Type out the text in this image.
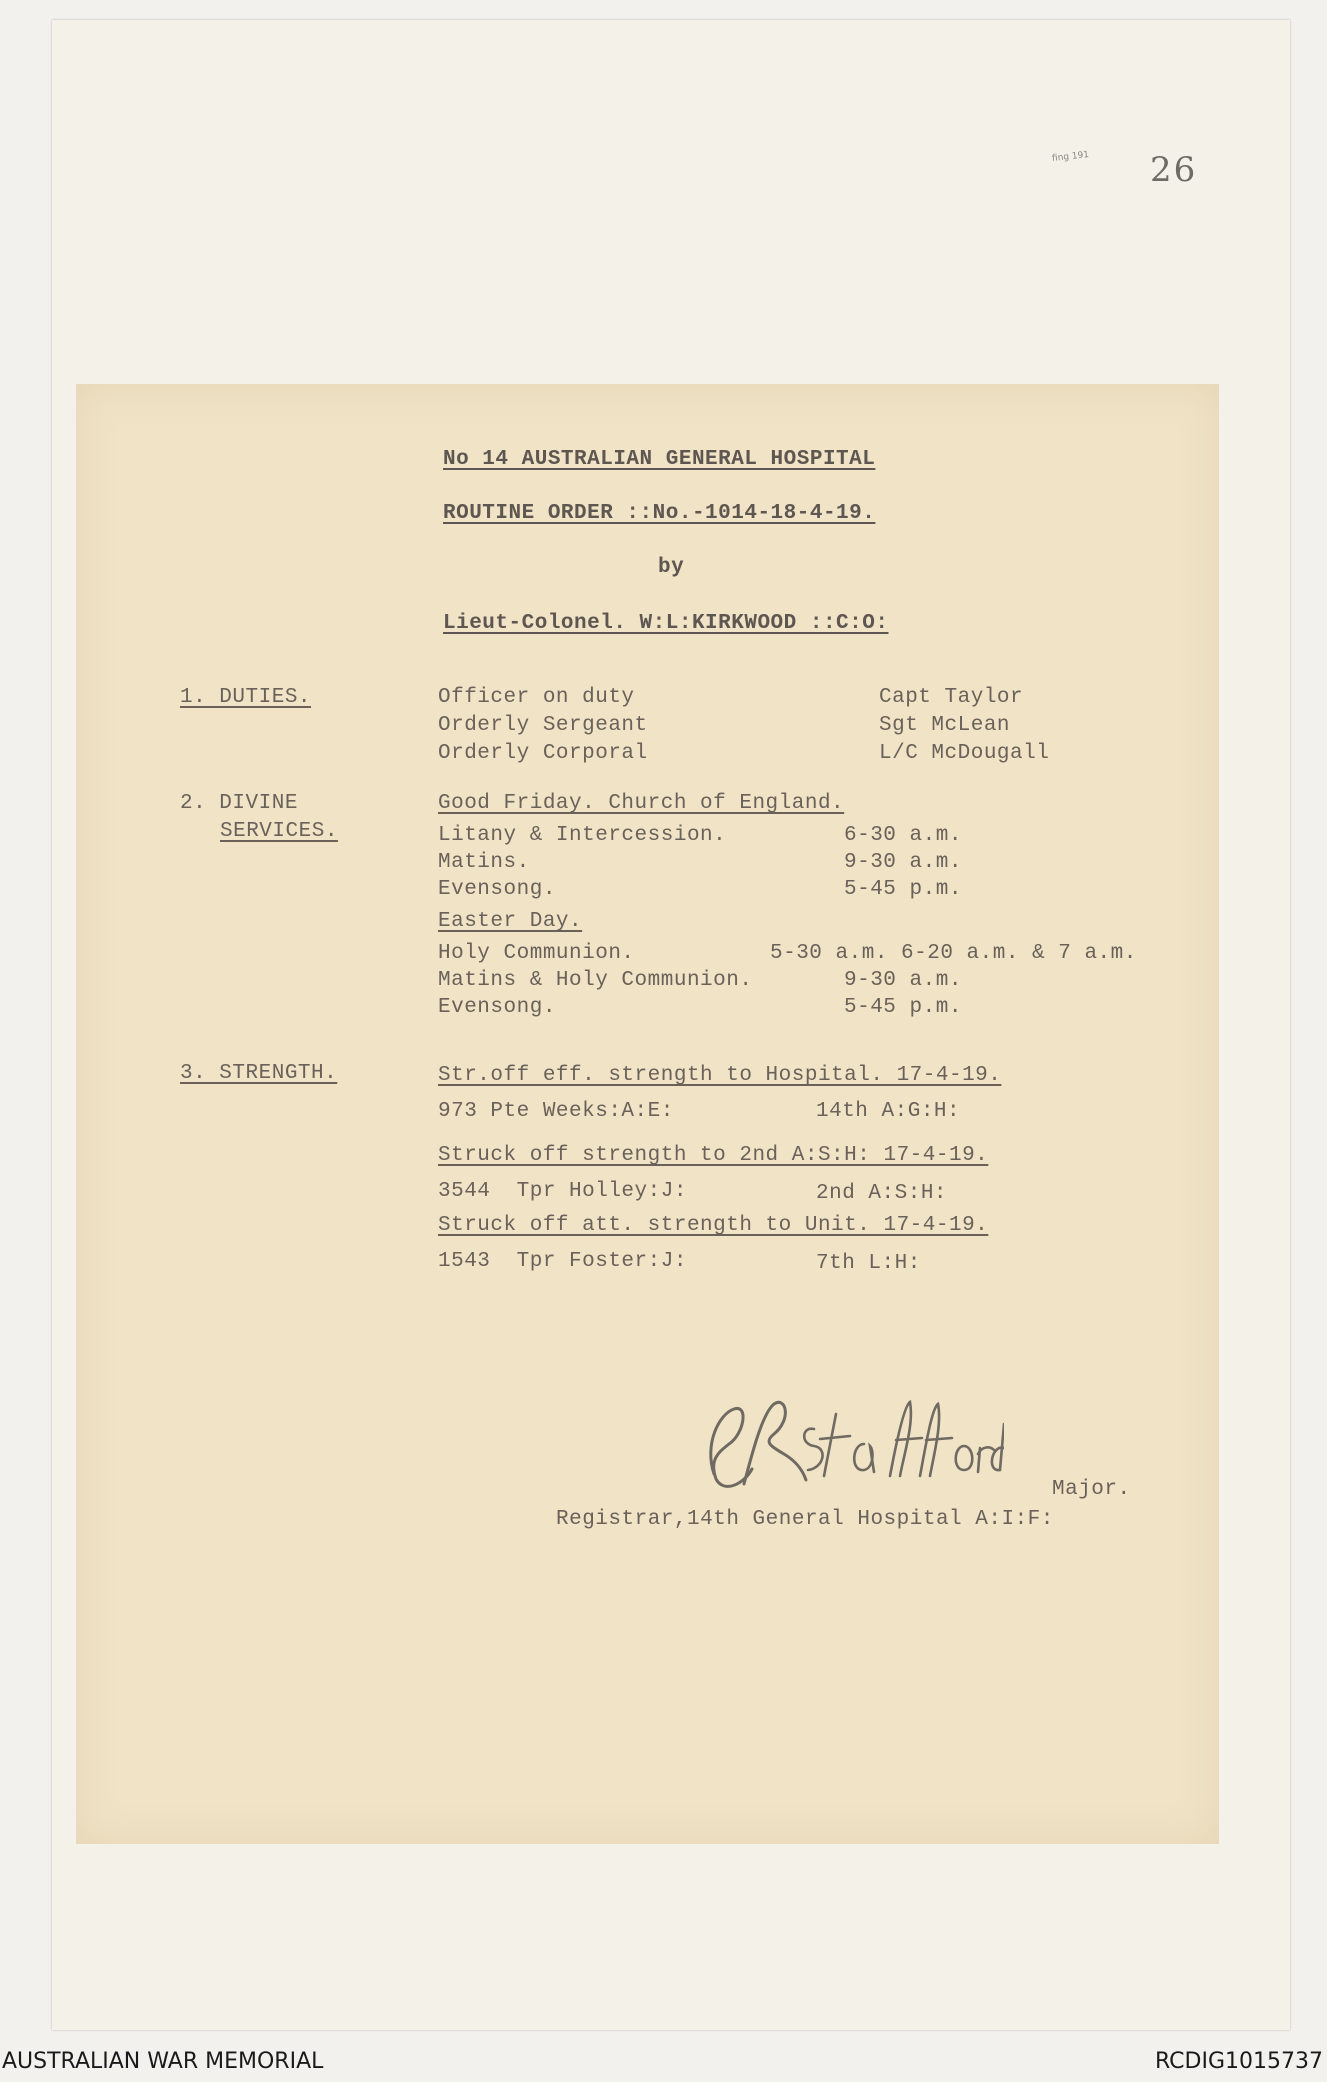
fing 191 26
No 14 AUSTRALIAN GENERAL HOSPITAL
ROUTINE ORDER ::No.-1014-18-4-19.
by
Lieut-Colonel. W:L:KIRKWOOD ::C:O:
1. DUTIES.	Officer on duty	Capt Taylor
Orderly Sergeant	Sgt McLean
Orderly Corporal	L/C McDougall
2. DIVINE
SERVICES.
Good Friday. Church of England.
Litany & Intercession.	6-30 a.m.
Matins.	9-30 a.m.
Evensong.	5-45 p.m.
Easter Day.
Holy Communion.	5-30 a.m. 6-20 a.m. & 7 a.m.
Matins & Holy Communion.	9-30 a.m.
Evensong.	5-45 p.m.
3. STRENGTH.	Str.off eff. strength to Hospital. 17-4-19.
973 Pte Weeks:A:E:	14th A:G:H:
Struck off strength to 2nd A:S:H: 17-4-19.
3544  Tpr Holley:J:	2nd A:S:H:
Struck off att. strength to Unit. 17-4-19.
1543  Tpr Foster:J:	7th L:H:
Major.
Registrar,14th General Hospital A:I:F:
AUSTRALIAN WAR MEMORIAL	RCDIG1015737
